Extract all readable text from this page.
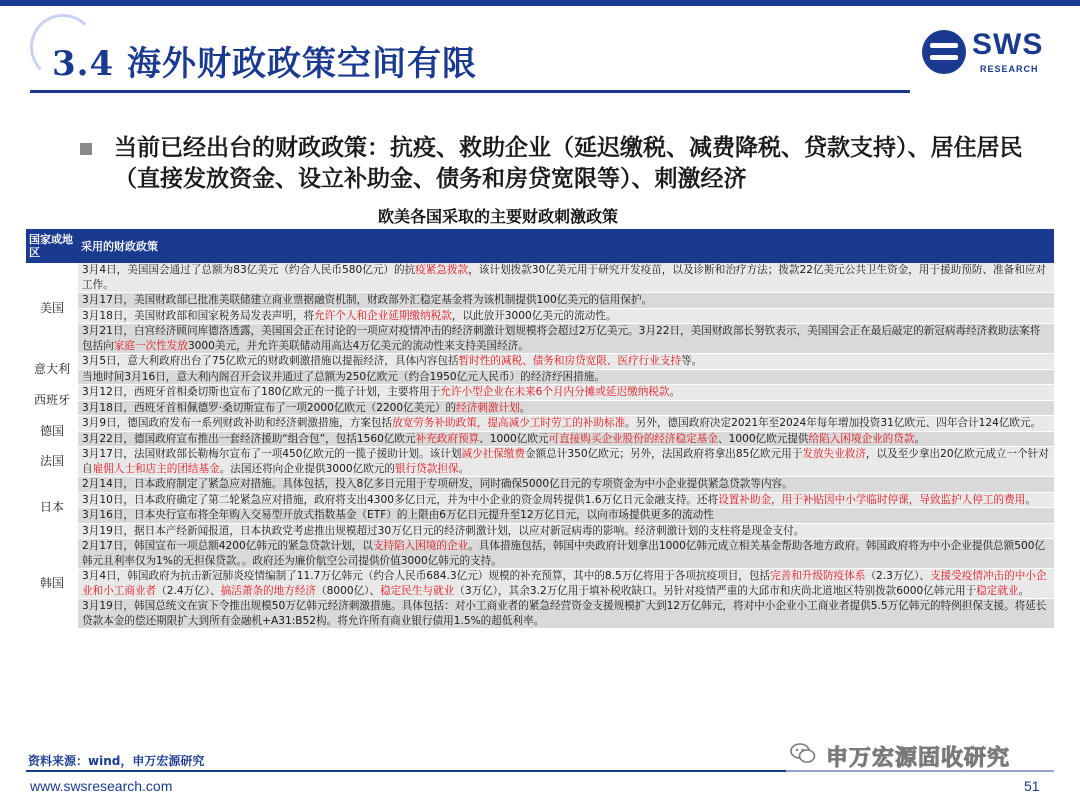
3.4 海外财政政策空间有限	SWS
RESEARCH

当前已经出台的财政政策：抗疫、救助企业（延迟缴税、减费降税、贷款支持）、居住居民（直接发放资金、设立补助金、债务和房贷宽限等）、刺激经济

欧美各国采取的主要财政刺激政策
国家或地区	采用的财政政策
美国	3月4日，美国国会通过了总额为83亿美元（约合人民币580亿元）的抗疫紧急拨款，该计划拨款30亿美元用于研究开发疫苗，以及诊断和治疗方法；拨款22亿美元公共卫生资金，用于援助预防、准备和应对工作。
	3月17日，美国财政部已批准美联储建立商业票据融资机制，财政部外汇稳定基金将为该机制提供100亿美元的信用保护。
	3月18日，美国财政部和国家税务局发表声明，将允许个人和企业延期缴纳税款，以此放开3000亿美元的流动性。
	3月21日，白宫经济顾问库德洛透露，美国国会正在讨论的一项应对疫情冲击的经济刺激计划规模将会超过2万亿美元。3月22日，美国财政部长努钦表示，美国国会正在最后敲定的新冠病毒经济救助法案将包括向家庭一次性发放3000美元，并允许美联储动用高达4万亿美元的流动性来支持美国经济。
意大利	3月5日，意大利政府出台了75亿欧元的财政刺激措施以提振经济，具体内容包括暂时性的减税、债务和房贷宽限、医疗行业支持等。
	当地时间3月16日，意大利内阁召开会议并通过了总额为250亿欧元（约合1950亿元人民币）的经济纾困措施。
西班牙	3月12日，西班牙首相桑切斯也宣布了180亿欧元的一揽子计划，主要将用于允许小型企业在未来6个月内分摊或延迟缴纳税款。
	3月18日，西班牙首相佩德罗·桑切斯宣布了一项2000亿欧元（2200亿美元）的经济刺激计划。
德国	3月9日，德国政府发布一系列财政补助和经济刺激措施，方案包括放宽劳务补助政策，提高减少工时劳工的补助标准。另外，德国政府决定2021年至2024年每年增加投资31亿欧元、四年合计124亿欧元。
	3月22日，德国政府宣布推出一套经济援助“组合包”，包括1560亿欧元补充政府预算、1000亿欧元可直接购买企业股份的经济稳定基金、1000亿欧元提供给陷入困境企业的贷款。
法国	3月17日，法国财政部长勒梅尔宣布了一项450亿欧元的一揽子援助计划。该计划减少社保缴费金额总计350亿欧元；另外，法国政府将拿出85亿欧元用于发放失业救济，以及至少拿出20亿欧元成立一个针对自雇佣人士和店主的团结基金。法国还将向企业提供3000亿欧元的银行贷款担保。
日本	2月14日，日本政府制定了紧急应对措施。具体包括，投入8亿多日元用于专项研发，同时确保5000亿日元的专项资金为中小企业提供紧急贷款等内容。
	3月10日，日本政府确定了第二轮紧急应对措施，政府将支出4300多亿日元，并为中小企业的资金周转提供1.6万亿日元金融支持。还将设置补助金，用于补贴因中小学临时停课，导致监护人停工的费用。
	3月16日，日本央行宣布将全年购入交易型开放式指数基金（ETF）的上限由6万亿日元提升至12万亿日元，以向市场提供更多的流动性
	3月19日，据日本产经新闻报道，日本执政党考虑推出规模超过30万亿日元的经济刺激计划，以应对新冠病毒的影响。经济刺激计划的支柱将是现金支付。
韩国	2月17日，韩国宣布一项总额4200亿韩元的紧急贷款计划，以支持陷入困境的企业。具体措施包括，韩国中央政府计划拿出1000亿韩元成立相关基金帮助各地方政府。韩国政府将为中小企业提供总额500亿韩元且利率仅为1%的无担保贷款。。政府还为廉价航空公司提供价值3000亿韩元的支持。
	3月4日，韩国政府为抗击新冠肺炎疫情编制了11.7万亿韩元（约合人民币684.3亿元）规模的补充预算，其中的8.5万亿将用于各项抗疫项目，包括完善和升级防疫体系（2.3万亿）、支援受疫情冲击的中小企业和小工商业者（2.4万亿）、搞活萧条的地方经济（8000亿）、稳定民生与就业（3万亿），其余3.2万亿用于填补税收缺口。另针对疫情严重的大邱市和庆尚北道地区特别拨款6000亿韩元用于稳定就业。
	3月19日，韩国总统文在寅下令推出规模50万亿韩元经济刺激措施。具体包括：对小工商业者的紧急经营资金支援规模扩大到12万亿韩元，将对中小企业小工商业者提供5.5万亿韩元的特例担保支援。将延长贷款本金的偿还期限扩大到所有金融机+A31:B52构。将允许所有商业银行债用1.5%的超低利率。
资料来源：wind，申万宏源研究
www.swsresearch.com	51
申万宏源固收研究
